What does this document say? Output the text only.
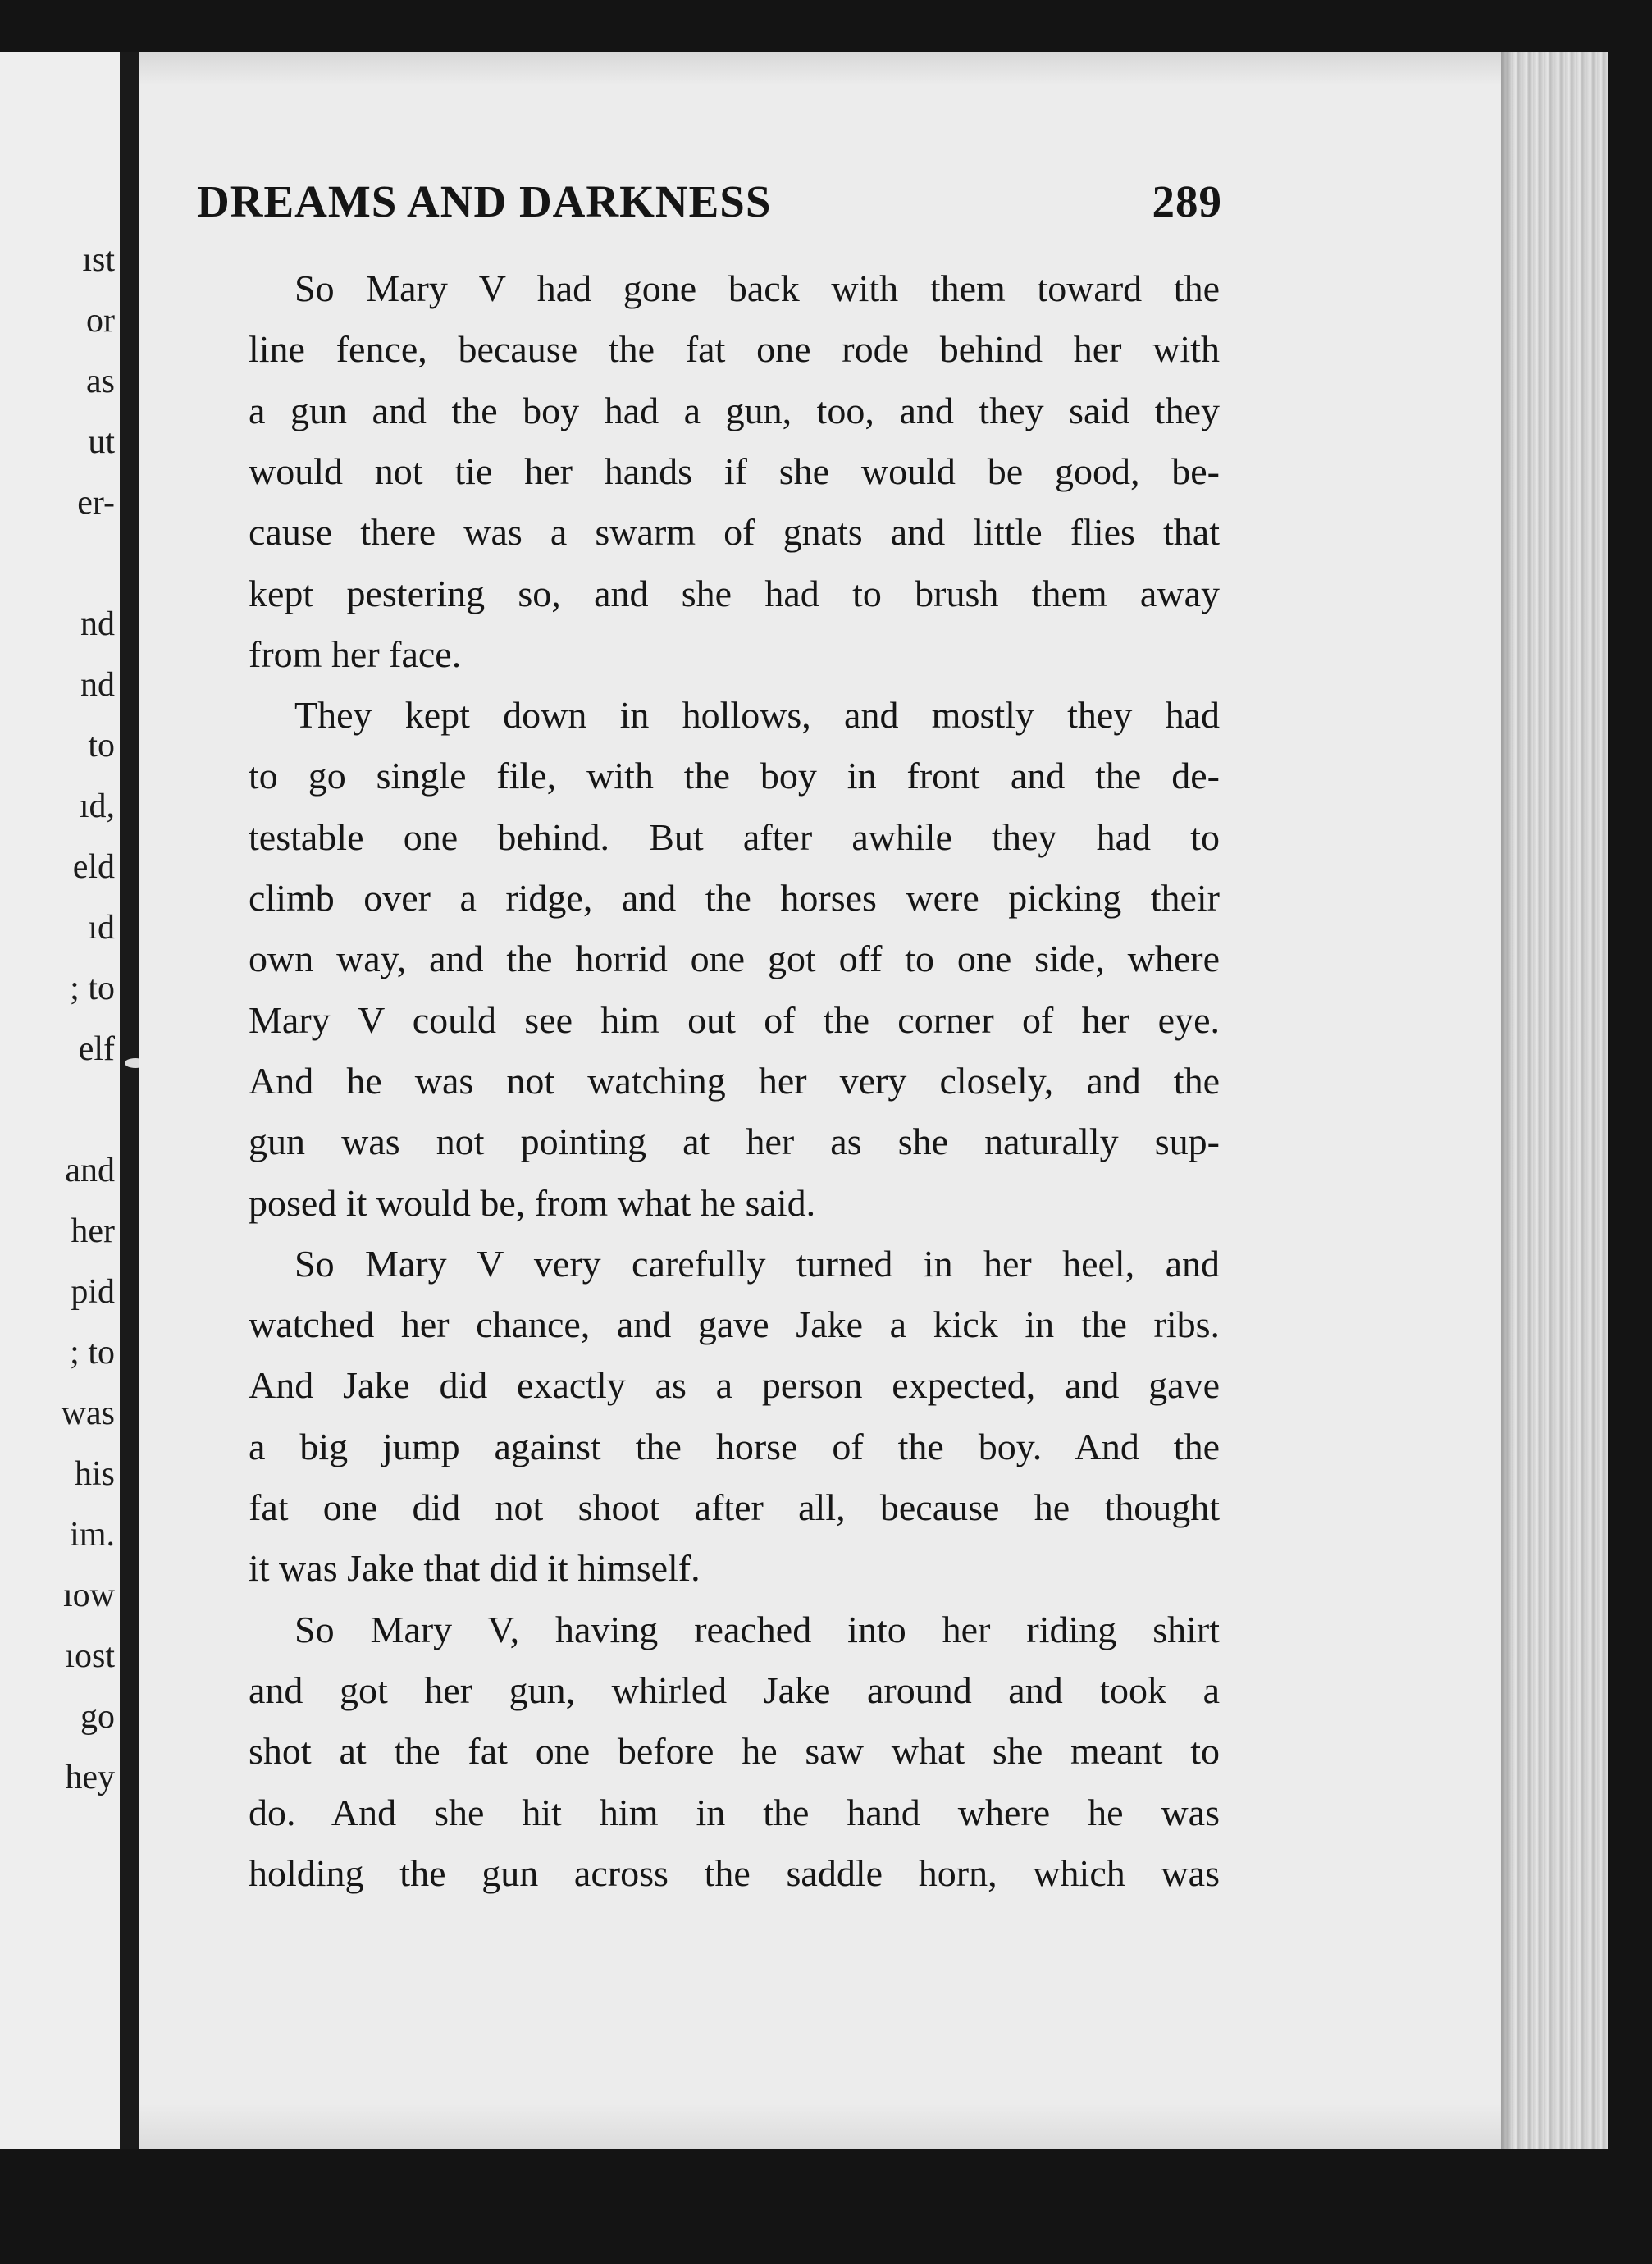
ıst
or
as
ut
er-
nd
nd
to
ıd,
eld
ıd
; to
elf
and
her
pid
; to
was
his
im.
ıow
ıost
go
hey
DREAMS AND DARKNESS	289
So Mary V had gone back with them toward the
line fence, because the fat one rode behind her with
a gun and the boy had a gun, too, and they said they
would not tie her hands if she would be good, be-
cause there was a swarm of gnats and little flies that
kept pestering so, and she had to brush them away
from her face.
They kept down in hollows, and mostly they had
to go single file, with the boy in front and the de-
testable one behind. But after awhile they had to
climb over a ridge, and the horses were picking their
own way, and the horrid one got off to one side, where
Mary V could see him out of the corner of her eye.
And he was not watching her very closely, and the
gun was not pointing at her as she naturally sup-
posed it would be, from what he said.
So Mary V very carefully turned in her heel, and
watched her chance, and gave Jake a kick in the ribs.
And Jake did exactly as a person expected, and gave
a big jump against the horse of the boy. And the
fat one did not shoot after all, because he thought
it was Jake that did it himself.
So Mary V, having reached into her riding shirt
and got her gun, whirled Jake around and took a
shot at the fat one before he saw what she meant to
do. And she hit him in the hand where he was
holding the gun across the saddle horn, which was
